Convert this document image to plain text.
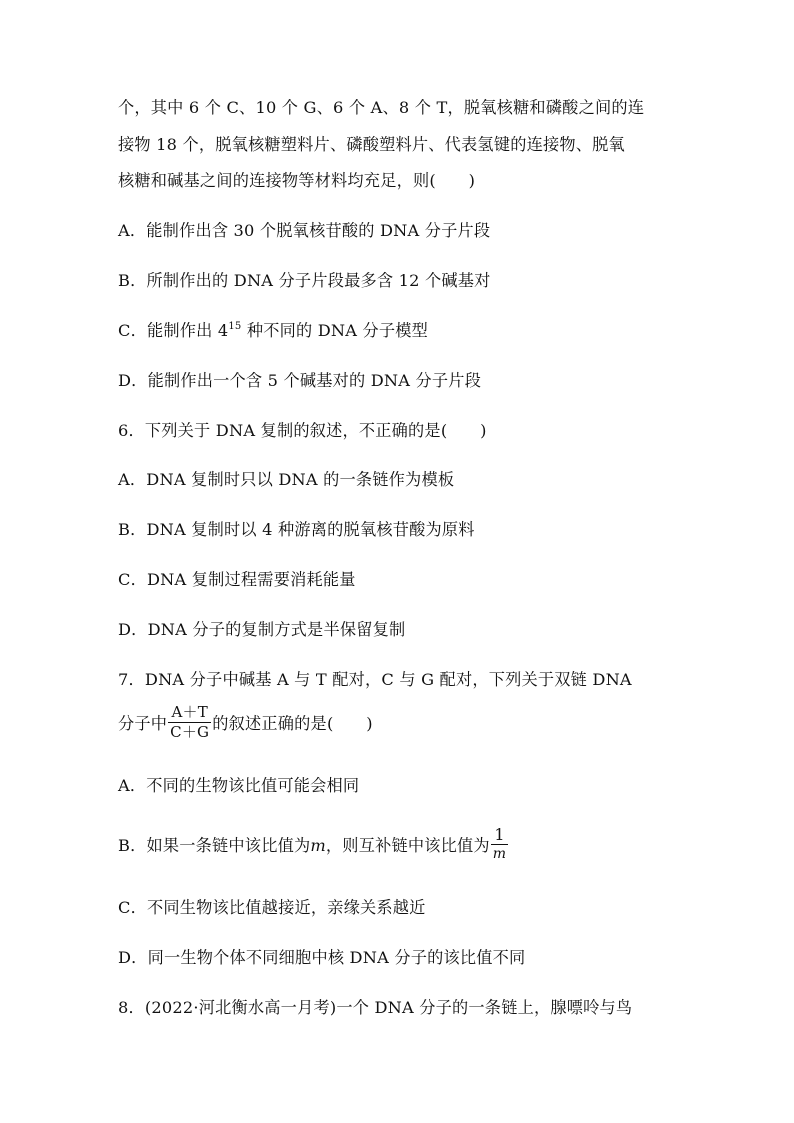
个，其中 6 个 C、10 个 G、6 个 A、8 个 T，脱氧核糖和磷酸之间的连
接物 18 个，脱氧核糖塑料片、磷酸塑料片、代表氢键的连接物、脱氧
核糖和碱基之间的连接物等材料均充足，则(　　)
A．能制作出含 30 个脱氧核苷酸的 DNA 分子片段
B．所制作出的 DNA 分子片段最多含 12 个碱基对
C．能制作出 $4^{15}$ 种不同的 DNA 分子模型
D．能制作出一个含 5 个碱基对的 DNA 分子片段
6．下列关于 DNA 复制的叙述，不正确的是(　　)
A．DNA 复制时只以 DNA 的一条链作为模板
B．DNA 复制时以 4 种游离的脱氧核苷酸为原料
C．DNA 复制过程需要消耗能量
D．DNA 分子的复制方式是半保留复制
7．DNA 分子中碱基 A 与 T 配对，C 与 G 配对，下列关于双链 DNA
分子中 $\frac{A+T}{C+G}$ 的叙述正确的是(　　)
A．不同的生物该比值可能会相同
B．如果一条链中该比值为m，则互补链中该比值为 $\frac{1}{m}$
C．不同生物该比值越接近，亲缘关系越近
D．同一生物个体不同细胞中核 DNA 分子的该比值不同
8．(2022·河北衡水高一月考)一个 DNA 分子的一条链上，腺嘌呤与鸟
